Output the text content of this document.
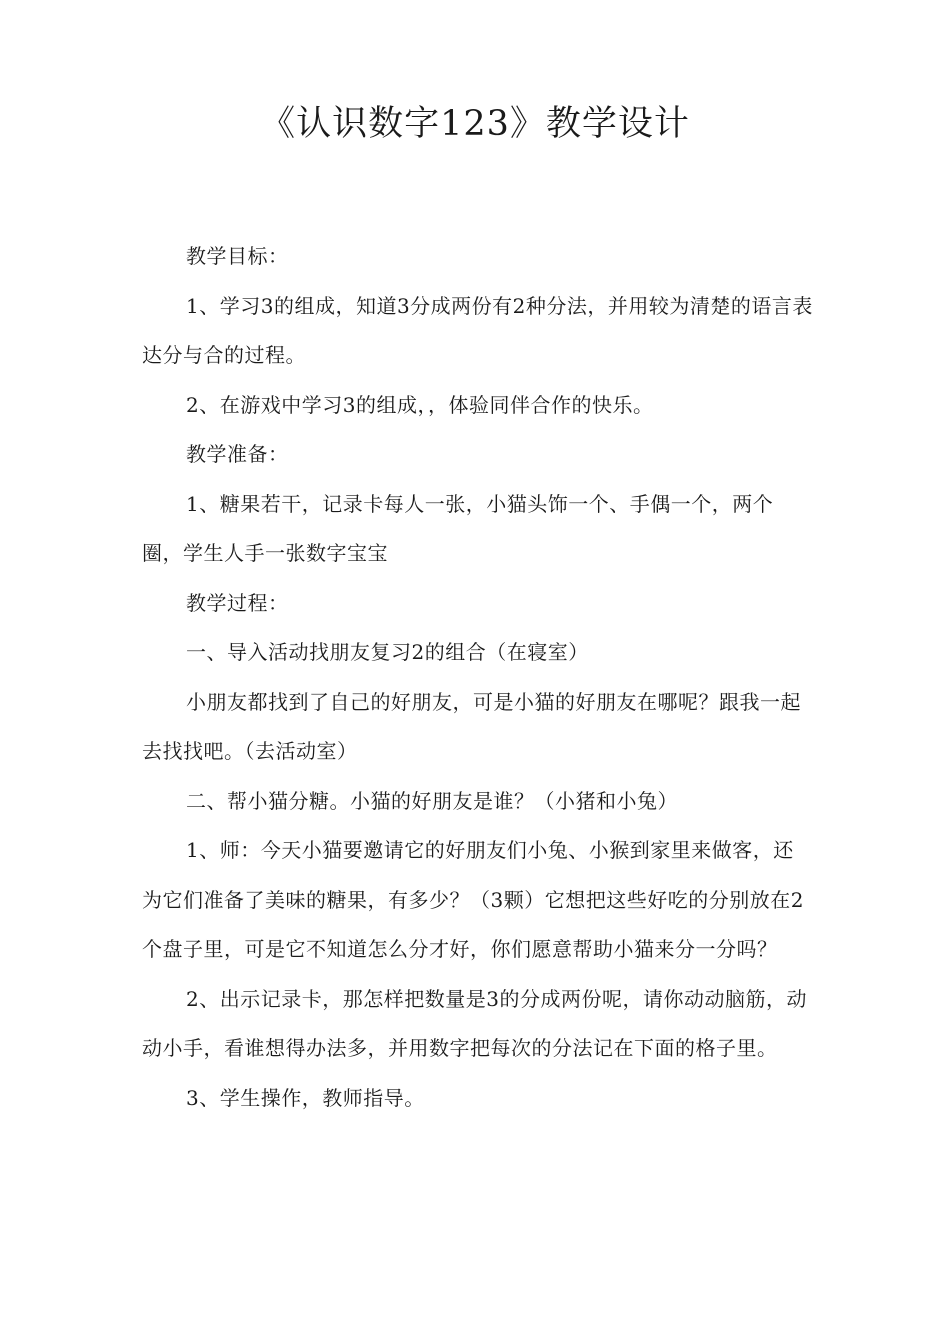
《认识数字123》教学设计

教学目标：

1、学习3的组成，知道3分成两份有2种分法，并用较为清楚的语言表达分与合的过程。

2、在游戏中学习3的组成，，体验同伴合作的快乐。

教学准备：

1、糖果若干，记录卡每人一张，小猫头饰一个、手偶一个，两个圈，学生人手一张数字宝宝

教学过程：

一、导入活动找朋友复习2的组合（在寝室）

小朋友都找到了自己的好朋友，可是小猫的好朋友在哪呢？跟我一起去找找吧。（去活动室）

二、帮小猫分糖。小猫的好朋友是谁？（小猪和小兔）

1、师：今天小猫要邀请它的好朋友们小兔、小猴到家里来做客，还为它们准备了美味的糖果，有多少？（3颗）它想把这些好吃的分别放在2个盘子里，可是它不知道怎么分才好，你们愿意帮助小猫来分一分吗？

2、出示记录卡，那怎样把数量是3的分成两份呢，请你动动脑筋，动动小手，看谁想得办法多，并用数字把每次的分法记在下面的格子里。

3、学生操作，教师指导。
